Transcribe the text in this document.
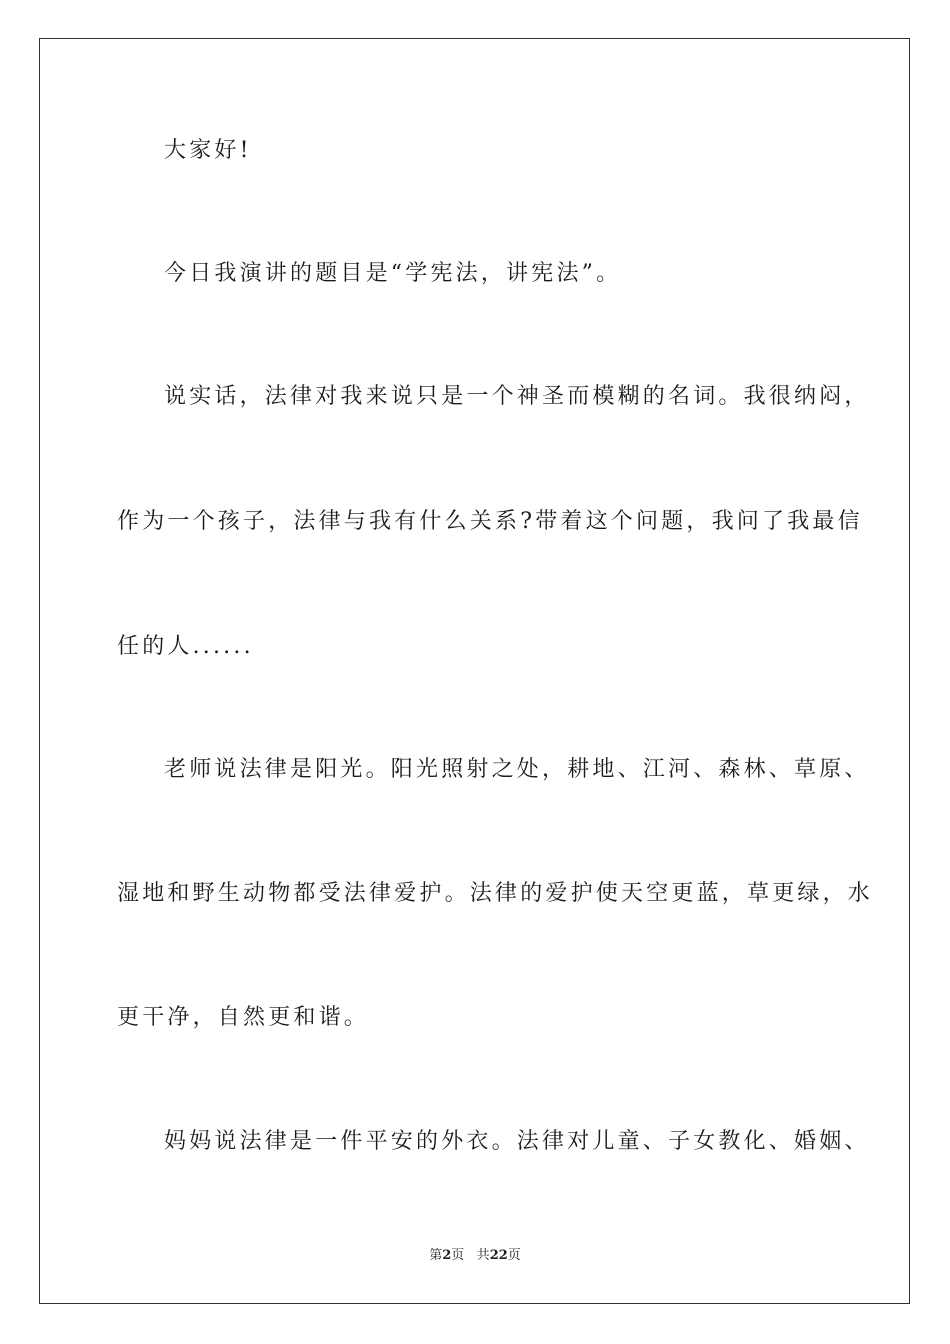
大家好!
今日我演讲的题目是“学宪法，讲宪法”。
说实话，法律对我来说只是一个神圣而模糊的名词。我很纳闷，
作为一个孩子，法律与我有什么关系?带着这个问题，我问了我最信
任的人......
老师说法律是阳光。阳光照射之处，耕地、江河、森林、草原、
湿地和野生动物都受法律爱护。法律的爱护使天空更蓝，草更绿，水
更干净，自然更和谐。
妈妈说法律是一件平安的外衣。法律对儿童、子女教化、婚姻、
第2页 共22页
